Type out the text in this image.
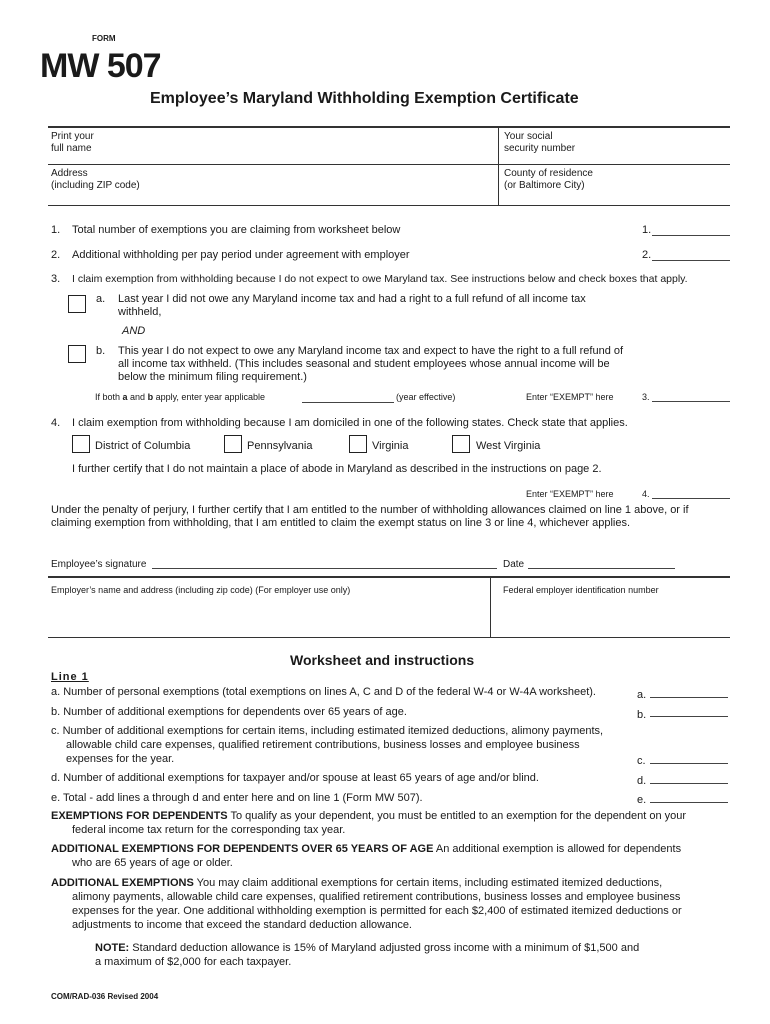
FORM
MW 507
Employee’s Maryland Withholding Exemption Certificate
Print your
full name
Your social
security number
Address
(including ZIP code)
County of residence
(or Baltimore City)
1. Total number of exemptions you are claiming from worksheet below	1.
2. Additional withholding per pay period under agreement with employer	2.
3. I claim exemption from withholding because I do not expect to owe Maryland tax. See instructions below and check boxes that apply.
a. Last year I did not owe any Maryland income tax and had a right to a full refund of all income tax
withheld,
AND
b. This year I do not expect to owe any Maryland income tax and expect to have the right to a full refund of
all income tax withheld. (This includes seasonal and student employees whose annual income will be
below the minimum filing requirement.)
If both a and b apply, enter year applicable	(year effective)	Enter “EXEMPT” here	3.
4. I claim exemption from withholding because I am domiciled in one of the following states. Check state that applies.
District of Columbia	Pennsylvania	Virginia	West Virginia
I further certify that I do not maintain a place of abode in Maryland as described in the instructions on page 2.
Enter “EXEMPT” here	4.
Under the penalty of perjury, I further certify that I am entitled to the number of withholding allowances claimed on line 1 above, or if
claiming exemption from withholding, that I am entitled to claim the exempt status on line 3 or line 4, whichever applies.
Employee’s signature	Date
Employer’s name and address (including zip code) (For employer use only)	Federal employer identification number
Worksheet and instructions
Line 1
a. Number of personal exemptions (total exemptions on lines A, C and D of the federal W-4 or W-4A worksheet).	a.
b. Number of additional exemptions for dependents over 65 years of age.	b.
c. Number of additional exemptions for certain items, including estimated itemized deductions, alimony payments,
allowable child care expenses, qualified retirement contributions, business losses and employee business
expenses for the year.	c.
d. Number of additional exemptions for taxpayer and/or spouse at least 65 years of age and/or blind.	d.
e. Total - add lines a through d and enter here and on line 1 (Form MW 507).	e.
EXEMPTIONS FOR DEPENDENTS To qualify as your dependent, you must be entitled to an exemption for the dependent on your
federal income tax return for the corresponding tax year.
ADDITIONAL EXEMPTIONS FOR DEPENDENTS OVER 65 YEARS OF AGE An additional exemption is allowed for dependents
who are 65 years of age or older.
ADDITIONAL EXEMPTIONS You may claim additional exemptions for certain items, including estimated itemized deductions,
alimony payments, allowable child care expenses, qualified retirement contributions, business losses and employee business
expenses for the year. One additional withholding exemption is permitted for each $2,400 of estimated itemized deductions or
adjustments to income that exceed the standard deduction allowance.
NOTE: Standard deduction allowance is 15% of Maryland adjusted gross income with a minimum of $1,500 and
a maximum of $2,000 for each taxpayer.
COM/RAD-036 Revised 2004
